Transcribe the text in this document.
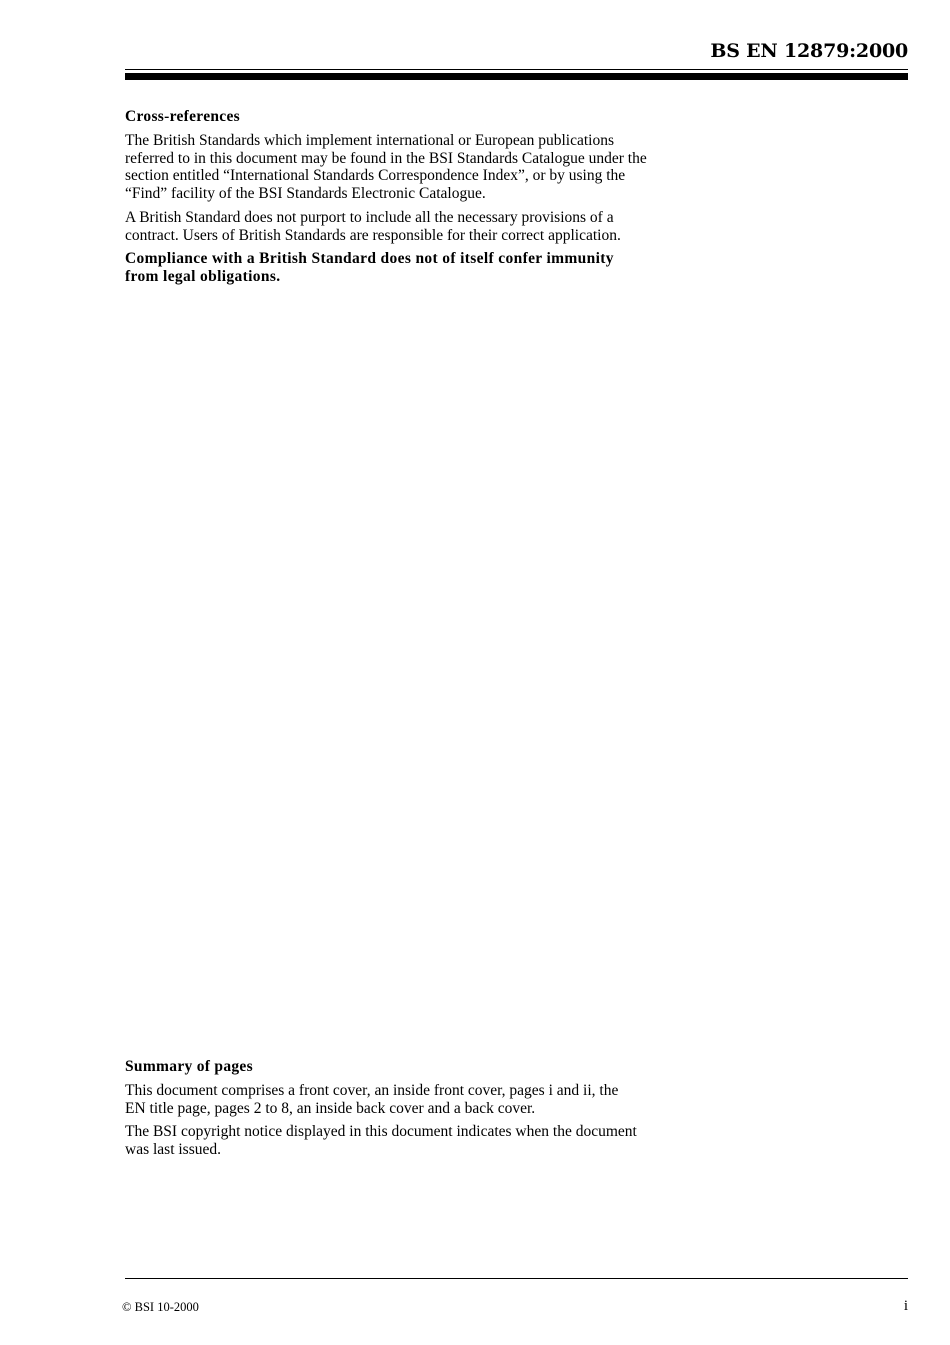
BS EN 12879:2000
Cross-references
The British Standards which implement international or European publications
referred to in this document may be found in the BSI Standards Catalogue under the
section entitled “International Standards Correspondence Index”, or by using the
“Find” facility of the BSI Standards Electronic Catalogue.
A British Standard does not purport to include all the necessary provisions of a
contract. Users of British Standards are responsible for their correct application.
Compliance with a British Standard does not of itself confer immunity
from legal obligations.
Summary of pages
This document comprises a front cover, an inside front cover, pages i and ii, the
EN title page, pages 2 to 8, an inside back cover and a back cover.
The BSI copyright notice displayed in this document indicates when the document
was last issued.
© BSI 10-2000	i
